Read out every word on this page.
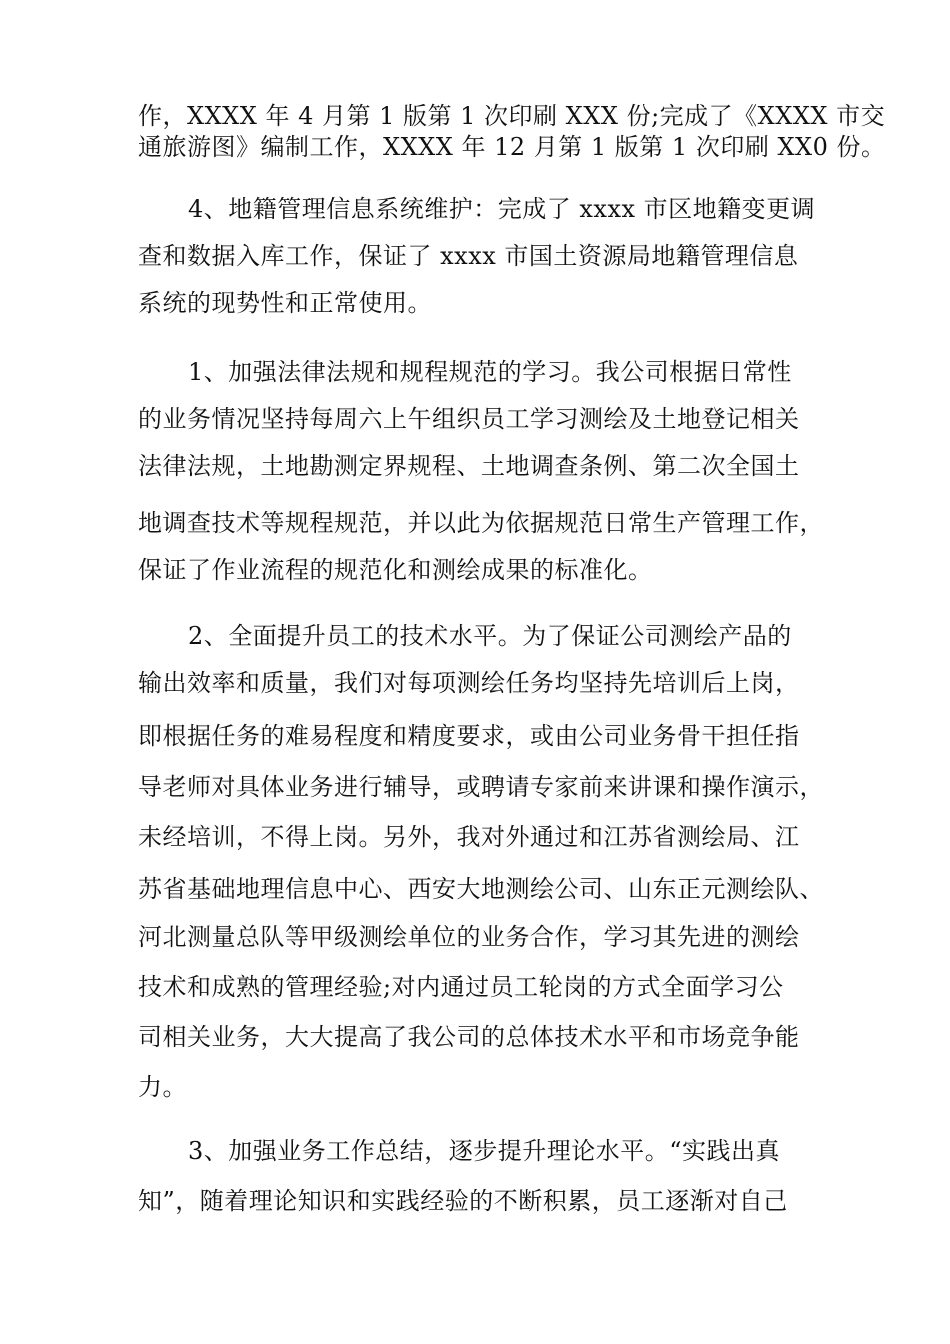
作，XXXX 年 4 月第 1 版第 1 次印刷 XXX 份;完成了《XXXX 市交
通旅游图》编制工作，XXXX 年 12 月第 1 版第 1 次印刷 XX0 份。
4、地籍管理信息系统维护：完成了 xxxx 市区地籍变更调
查和数据入库工作，保证了 xxxx 市国土资源局地籍管理信息
系统的现势性和正常使用。
1、加强法律法规和规程规范的学习。我公司根据日常性
的业务情况坚持每周六上午组织员工学习测绘及土地登记相关
法律法规，土地勘测定界规程、土地调查条例、第二次全国土
地调查技术等规程规范，并以此为依据规范日常生产管理工作，
保证了作业流程的规范化和测绘成果的标准化。
2、全面提升员工的技术水平。为了保证公司测绘产品的
输出效率和质量，我们对每项测绘任务均坚持先培训后上岗，
即根据任务的难易程度和精度要求，或由公司业务骨干担任指
导老师对具体业务进行辅导，或聘请专家前来讲课和操作演示，
未经培训，不得上岗。另外，我对外通过和江苏省测绘局、江
苏省基础地理信息中心、西安大地测绘公司、山东正元测绘队、
河北测量总队等甲级测绘单位的业务合作，学习其先进的测绘
技术和成熟的管理经验;对内通过员工轮岗的方式全面学习公
司相关业务，大大提高了我公司的总体技术水平和市场竞争能
力。
3、加强业务工作总结，逐步提升理论水平。“实践出真
知”，随着理论知识和实践经验的不断积累，员工逐渐对自己
